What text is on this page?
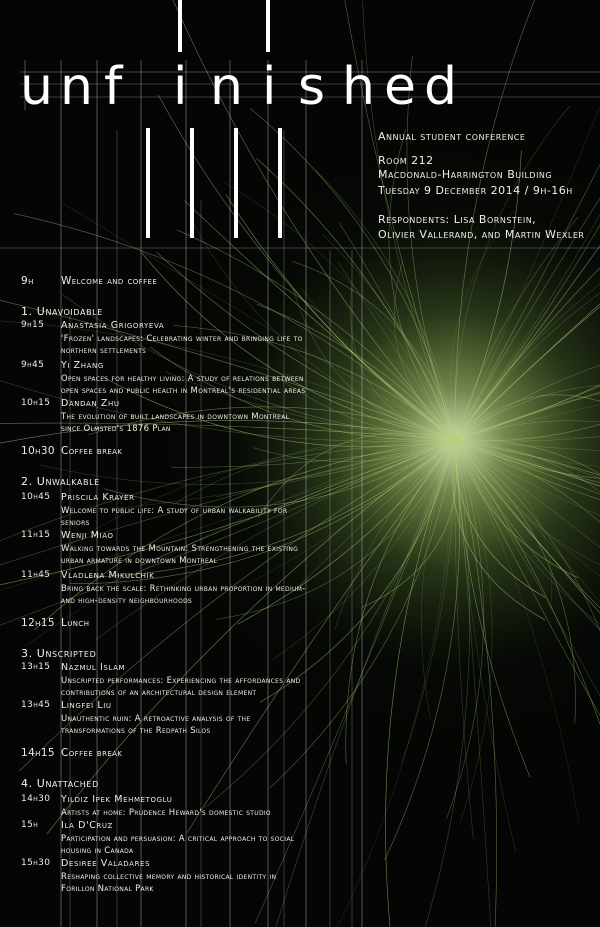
u n f i n i s h e d
Annual student conference
Room 212
Macdonald-Harrington Building
Tuesday 9 December 2014 / 9h-16h
Respondents: Lisa Bornstein,
Olivier Vallerand, and Martin Wexler
9h	Welcome and coffee
1. Unavoidable
9h15 Anastasia Grigoryeva
'Frozen' landscapes: Celebrating winter and bringing life to
northern settlements
9h45 Yi Zhang
Open spaces for healthy living: A study of relations between
open spaces and public health in Montreal's residential areas
10h15 Dandan Zhu
The evolution of built landscapes in downtown Montreal
since Olmsted's 1876 Plan
10h30 Coffee break
2. Unwalkable
10h45 Priscila Krayer
Welcome to public life: A study of urban walkability for
seniors
11h15 Wenji Miao
Walking towards the Mountain: Strengthening the existing
urban armature in downtown Montreal
11h45 Vladlena Mikulchik
Bring back the scale: Rethinking urban proportion in medium-
and high-density neighbourhoods
12h15 Lunch
3. Unscripted
13h15 Nazmul Islam
Unscripted performances: Experiencing the affordances and
contributions of an architectural design element
13h45 Lingfei Liu
Unauthentic ruin: A retroactive analysis of the
transformations of the Redpath Silos
14h15 Coffee break
4. Unattached
14h30 Yildiz Ipek Mehmetoglu
Artists at home: Prudence Heward's domestic studio
15h Ila D'Cruz
Participation and persuasion: A critical approach to social
housing in Canada
15h30 Desiree Valadares
Reshaping collective memory and historical identity in
Forillon National Park
